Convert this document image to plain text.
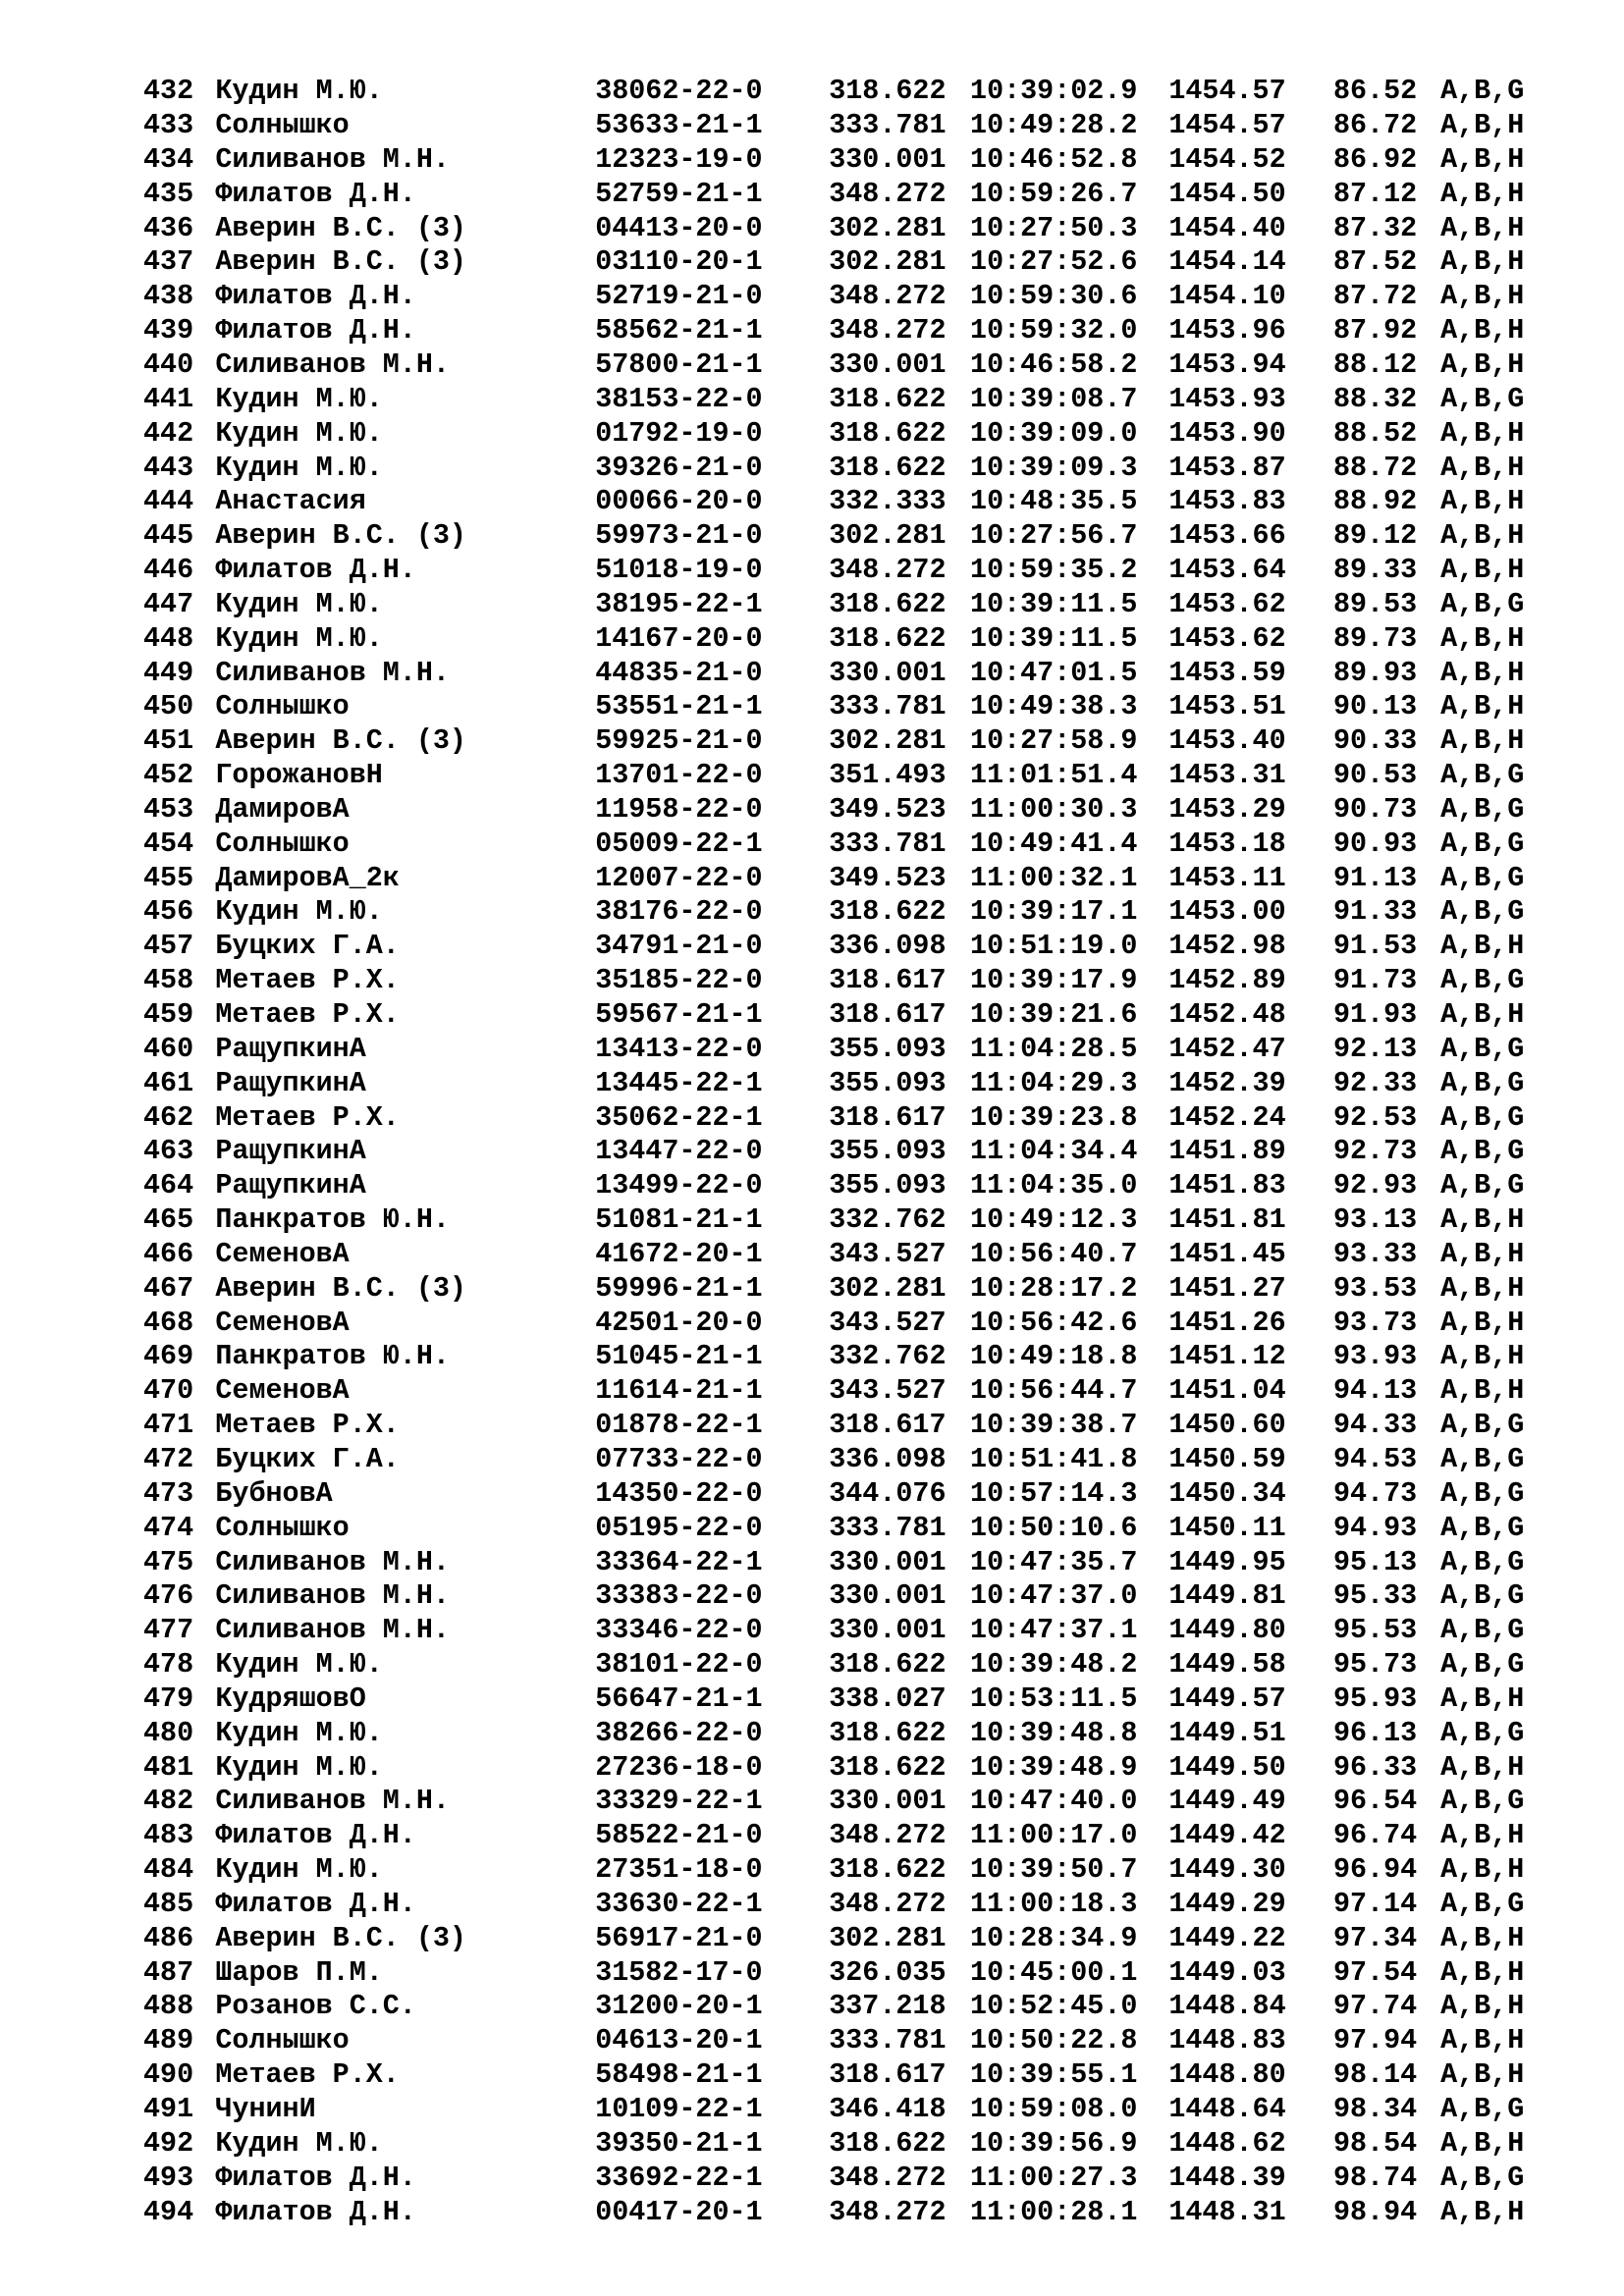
432 Кудин М.Ю.	38062-22-0	318.622 10:39:02.9	1454.57	86.52 A,B,G
433 Солнышко	53633-21-1	333.781 10:49:28.2	1454.57	86.72 A,B,H
434 Силиванов М.Н.	12323-19-0	330.001 10:46:52.8	1454.52	86.92 A,B,H
435 Филатов Д.Н.	52759-21-1	348.272 10:59:26.7	1454.50	87.12 A,B,H
436 Аверин В.С. (3)	04413-20-0	302.281 10:27:50.3	1454.40	87.32 A,B,H
437 Аверин В.С. (3)	03110-20-1	302.281 10:27:52.6	1454.14	87.52 A,B,H
438 Филатов Д.Н.	52719-21-0	348.272 10:59:30.6	1454.10	87.72 A,B,H
439 Филатов Д.Н.	58562-21-1	348.272 10:59:32.0	1453.96	87.92 A,B,H
440 Силиванов М.Н.	57800-21-1	330.001 10:46:58.2	1453.94	88.12 A,B,H
441 Кудин М.Ю.	38153-22-0	318.622 10:39:08.7	1453.93	88.32 A,B,G
442 Кудин М.Ю.	01792-19-0	318.622 10:39:09.0	1453.90	88.52 A,B,H
443 Кудин М.Ю.	39326-21-0	318.622 10:39:09.3	1453.87	88.72 A,B,H
444 Анастасия	00066-20-0	332.333 10:48:35.5	1453.83	88.92 A,B,H
445 Аверин В.С. (3)	59973-21-0	302.281 10:27:56.7	1453.66	89.12 A,B,H
446 Филатов Д.Н.	51018-19-0	348.272 10:59:35.2	1453.64	89.33 A,B,H
447 Кудин М.Ю.	38195-22-1	318.622 10:39:11.5	1453.62	89.53 A,B,G
448 Кудин М.Ю.	14167-20-0	318.622 10:39:11.5	1453.62	89.73 A,B,H
449 Силиванов М.Н.	44835-21-0	330.001 10:47:01.5	1453.59	89.93 A,B,H
450 Солнышко	53551-21-1	333.781 10:49:38.3	1453.51	90.13 A,B,H
451 Аверин В.С. (3)	59925-21-0	302.281 10:27:58.9	1453.40	90.33 A,B,H
452 ГорожановН	13701-22-0	351.493 11:01:51.4	1453.31	90.53 A,B,G
453 ДамировА	11958-22-0	349.523 11:00:30.3	1453.29	90.73 A,B,G
454 Солнышко	05009-22-1	333.781 10:49:41.4	1453.18	90.93 A,B,G
455 ДамировА_2к	12007-22-0	349.523 11:00:32.1	1453.11	91.13 A,B,G
456 Кудин М.Ю.	38176-22-0	318.622 10:39:17.1	1453.00	91.33 A,B,G
457 Буцких Г.А.	34791-21-0	336.098 10:51:19.0	1452.98	91.53 A,B,H
458 Метаев Р.Х.	35185-22-0	318.617 10:39:17.9	1452.89	91.73 A,B,G
459 Метаев Р.Х.	59567-21-1	318.617 10:39:21.6	1452.48	91.93 A,B,H
460 РащупкинА	13413-22-0	355.093 11:04:28.5	1452.47	92.13 A,B,G
461 РащупкинА	13445-22-1	355.093 11:04:29.3	1452.39	92.33 A,B,G
462 Метаев Р.Х.	35062-22-1	318.617 10:39:23.8	1452.24	92.53 A,B,G
463 РащупкинА	13447-22-0	355.093 11:04:34.4	1451.89	92.73 A,B,G
464 РащупкинА	13499-22-0	355.093 11:04:35.0	1451.83	92.93 A,B,G
465 Панкратов Ю.Н.	51081-21-1	332.762 10:49:12.3	1451.81	93.13 A,B,H
466 СеменовА	41672-20-1	343.527 10:56:40.7	1451.45	93.33 A,B,H
467 Аверин В.С. (3)	59996-21-1	302.281 10:28:17.2	1451.27	93.53 A,B,H
468 СеменовА	42501-20-0	343.527 10:56:42.6	1451.26	93.73 A,B,H
469 Панкратов Ю.Н.	51045-21-1	332.762 10:49:18.8	1451.12	93.93 A,B,H
470 СеменовА	11614-21-1	343.527 10:56:44.7	1451.04	94.13 A,B,H
471 Метаев Р.Х.	01878-22-1	318.617 10:39:38.7	1450.60	94.33 A,B,G
472 Буцких Г.А.	07733-22-0	336.098 10:51:41.8	1450.59	94.53 A,B,G
473 БубновА	14350-22-0	344.076 10:57:14.3	1450.34	94.73 A,B,G
474 Солнышко	05195-22-0	333.781 10:50:10.6	1450.11	94.93 A,B,G
475 Силиванов М.Н.	33364-22-1	330.001 10:47:35.7	1449.95	95.13 A,B,G
476 Силиванов М.Н.	33383-22-0	330.001 10:47:37.0	1449.81	95.33 A,B,G
477 Силиванов М.Н.	33346-22-0	330.001 10:47:37.1	1449.80	95.53 A,B,G
478 Кудин М.Ю.	38101-22-0	318.622 10:39:48.2	1449.58	95.73 A,B,G
479 КудряшовО	56647-21-1	338.027 10:53:11.5	1449.57	95.93 A,B,H
480 Кудин М.Ю.	38266-22-0	318.622 10:39:48.8	1449.51	96.13 A,B,G
481 Кудин М.Ю.	27236-18-0	318.622 10:39:48.9	1449.50	96.33 A,B,H
482 Силиванов М.Н.	33329-22-1	330.001 10:47:40.0	1449.49	96.54 A,B,G
483 Филатов Д.Н.	58522-21-0	348.272 11:00:17.0	1449.42	96.74 A,B,H
484 Кудин М.Ю.	27351-18-0	318.622 10:39:50.7	1449.30	96.94 A,B,H
485 Филатов Д.Н.	33630-22-1	348.272 11:00:18.3	1449.29	97.14 A,B,G
486 Аверин В.С. (3)	56917-21-0	302.281 10:28:34.9	1449.22	97.34 A,B,H
487 Шаров П.М.	31582-17-0	326.035 10:45:00.1	1449.03	97.54 A,B,H
488 Розанов С.С.	31200-20-1	337.218 10:52:45.0	1448.84	97.74 A,B,H
489 Солнышко	04613-20-1	333.781 10:50:22.8	1448.83	97.94 A,B,H
490 Метаев Р.Х.	58498-21-1	318.617 10:39:55.1	1448.80	98.14 A,B,H
491 ЧунинИ	10109-22-1	346.418 10:59:08.0	1448.64	98.34 A,B,G
492 Кудин М.Ю.	39350-21-1	318.622 10:39:56.9	1448.62	98.54 A,B,H
493 Филатов Д.Н.	33692-22-1	348.272 11:00:27.3	1448.39	98.74 A,B,G
494 Филатов Д.Н.	00417-20-1	348.272 11:00:28.1	1448.31	98.94 A,B,H
